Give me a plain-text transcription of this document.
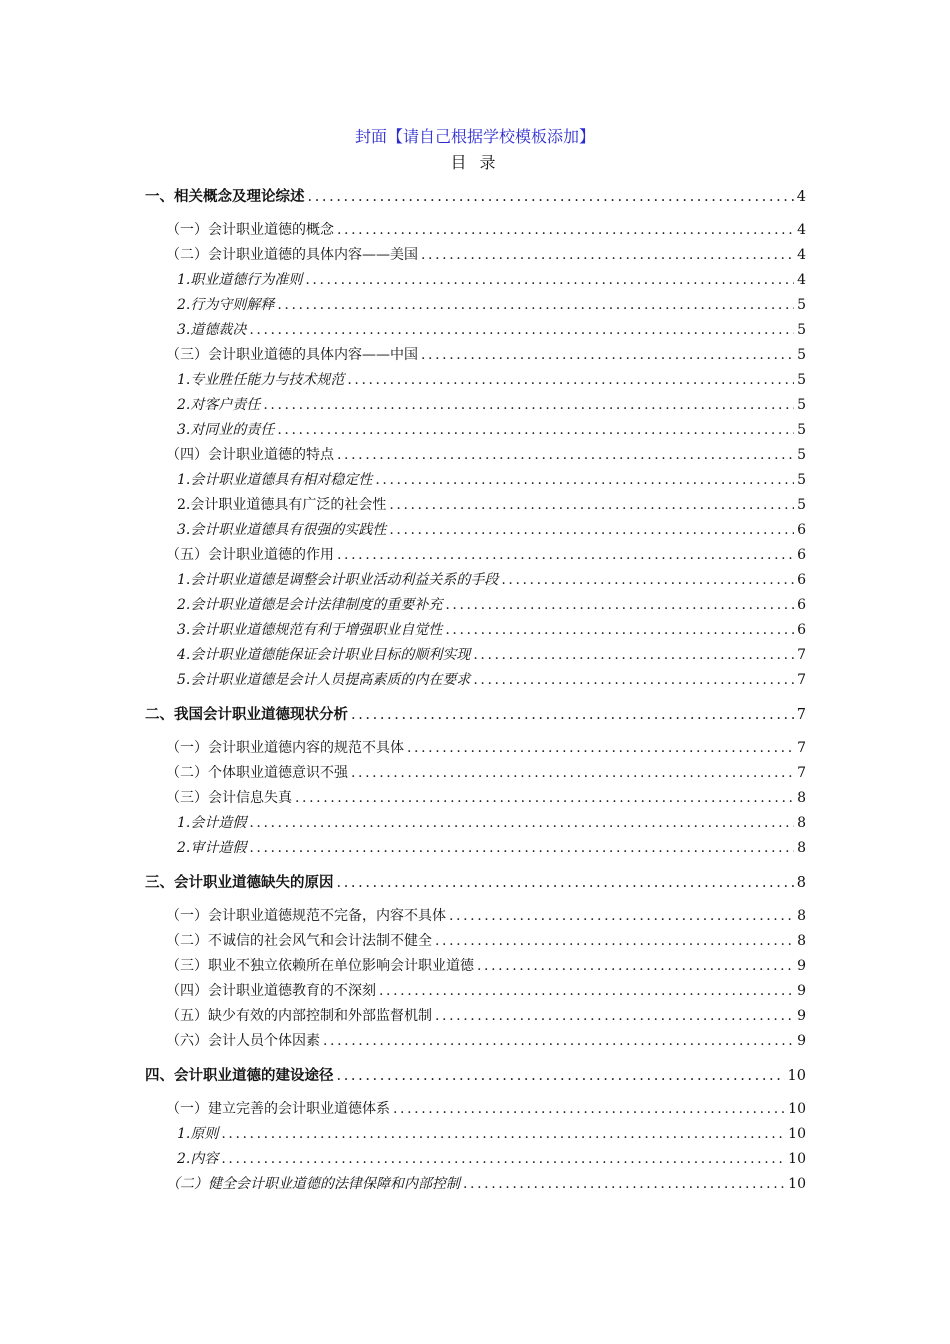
封面【请自己根据学校模板添加】
目 录
一、相关概念及理论综述 .....	4
（一）会计职业道德的概念 .....	4
（二）会计职业道德的具体内容——美国 .....	4
1.职业道德行为准则 .....	4
2.行为守则解释 .....	5
3.道德裁决 .....	5
（三）会计职业道德的具体内容——中国 .....	5
1.专业胜任能力与技术规范 .....	5
2.对客户责任 .....	5
3.对同业的责任 .....	5
（四）会计职业道德的特点 .....	5
1.会计职业道德具有相对稳定性 .....	5
2.会计职业道德具有广泛的社会性 .....	5
3.会计职业道德具有很强的实践性 .....	6
（五）会计职业道德的作用 .....	6
1.会计职业道德是调整会计职业活动利益关系的手段 .....	6
2.会计职业道德是会计法律制度的重要补充 .....	6
3.会计职业道德规范有利于增强职业自觉性 .....	6
4.会计职业道德能保证会计职业目标的顺利实现 .....	7
5.会计职业道德是会计人员提高素质的内在要求 .....	7
二、我国会计职业道德现状分析 .....	7
（一）会计职业道德内容的规范不具体 .....	7
（二）个体职业道德意识不强 .....	7
（三）会计信息失真 .....	8
1.会计造假 .....	8
2.审计造假 .....	8
三、会计职业道德缺失的原因 .....	8
（一）会计职业道德规范不完备，内容不具体 .....	8
（二）不诚信的社会风气和会计法制不健全 .....	8
（三）职业不独立依赖所在单位影响会计职业道德 .....	9
（四）会计职业道德教育的不深刻 .....	9
（五）缺少有效的内部控制和外部监督机制 .....	9
（六）会计人员个体因素 .....	9
四、会计职业道德的建设途径 .....	10
（一）建立完善的会计职业道德体系 .....	10
1.原则 .....	10
2.内容 .....	10
（二）健全会计职业道德的法律保障和内部控制 .....	10
